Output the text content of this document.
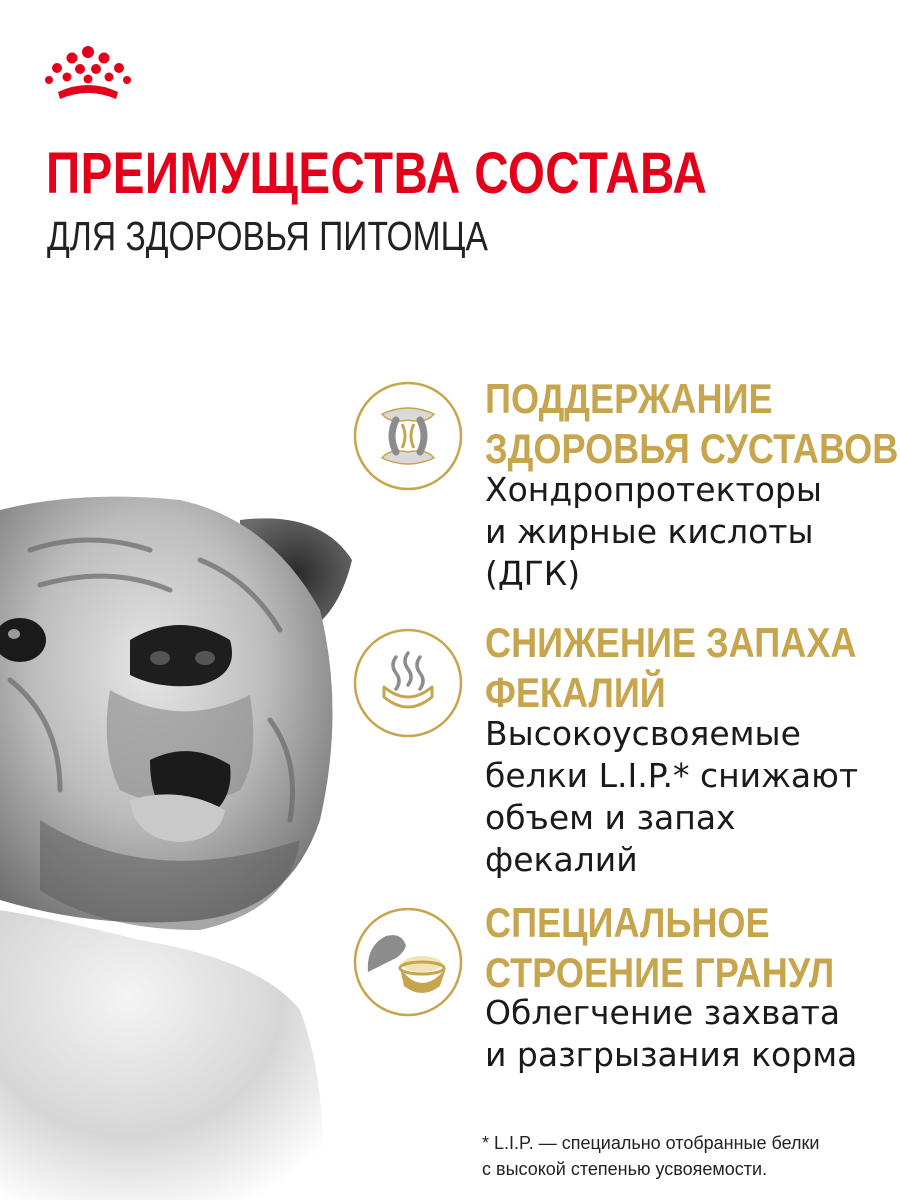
ПРЕИМУЩЕСТВА СОСТАВА
ДЛЯ ЗДОРОВЬЯ ПИТОМЦА
ПОДДЕРЖАНИЕ
ЗДОРОВЬЯ СУСТАВОВ
Хондропротекторы
и жирные кислоты
(ДГК)
СНИЖЕНИЕ ЗАПАХА
ФЕКАЛИЙ
Высокоусвояемые
белки L.I.P.* снижают
объем и запах
фекалий
СПЕЦИАЛЬНОЕ
СТРОЕНИЕ ГРАНУЛ
Облегчение захвата
и разгрызания корма

* L.I.P. — специально отобранные белки
с высокой степенью усвояемости.
